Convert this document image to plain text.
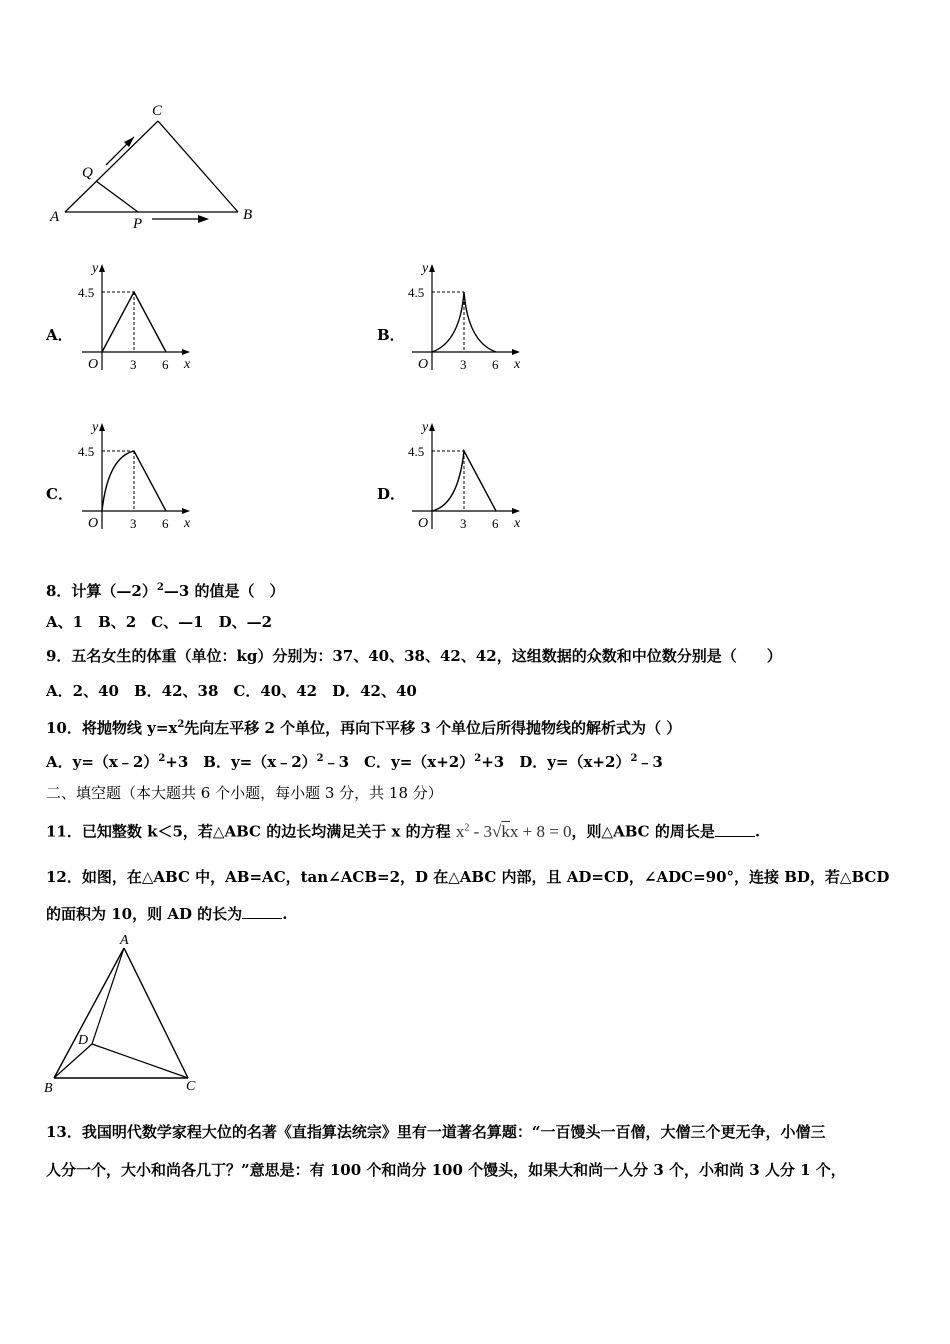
A	B
C
Q
P
A．
y
4.5
O 3 6 x
B．
y
4.5
O 3 6 x
C．
y
4.5
O 3 6 x
D．
y
4.5
O 3 6 x
8．计算（—2）$^2$—3 的值是（　）
A、1　B、2　C、—1　D、—2
9．五名女生的体重（单位：kg）分别为：37、40、38、42、42，这组数据的众数和中位数分别是（　　）
A．2、40　B．42、38　C．40、42　D．42、40
10．将抛物线 $y=x^2$先向左平移 2 个单位，再向下平移 3 个单位后所得抛物线的解析式为（ ）
A．y=（x﹣2）$^2$+3　B．y=（x﹣2）$^2$﹣3　C．$y=(x+2)^2+3$　D．$y=(x+2)^2﹣3$
二、填空题（本大题共 6 个小题，每小题 3 分，共 18 分）
11．已知整数 k＜5，若△ABC 的边长均满足关于 x 的方程 $x^2 - 3√kx + 8 = 0$，则△ABC 的周长是	.
12．如图，在△ABC 中，AB=AC，tan∠ACB=2，D 在△ABC 内部，且 AD=CD，∠ADC=90°，连接 BD，若△BCD
的面积为 10，则 AD 的长为	.
A
B	C
D
13．我国明代数学家程大位的名著《直指算法统宗》里有一道著名算题：“一百馒头一百僧，大僧三个更无争，小僧三
人分一个，大小和尚各几丁？”意思是：有 100 个和尚分 100 个馒头，如果大和尚一人分 3 个，小和尚 3 人分 1 个，
